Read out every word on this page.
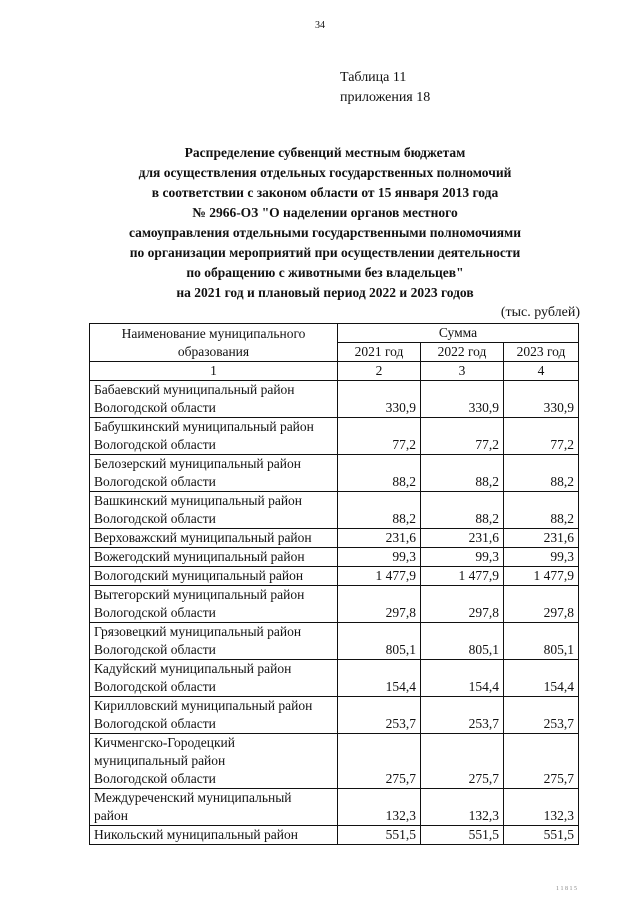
34
Таблица 11
приложения 18
Распределение субвенций местным бюджетам
для осуществления отдельных государственных полномочий
в соответствии с законом области от 15 января 2013 года
№ 2966-ОЗ "О наделении органов местного
самоуправления отдельными государственными полномочиями
по организации мероприятий при осуществлении деятельности
по обращению с животными без владельцев"
на 2021 год и плановый период 2022 и 2023 годов
(тыс. рублей)
Наименование муниципального
образования	Сумма		
	2021 год	2022 год	2023 год
1	2	3	4

Бабаевский муниципальный район
Вологодской области	330,9	330,9	330,9

Бабушкинский муниципальный район
Вологодской области	77,2	77,2	77,2

Белозерский муниципальный район
Вологодской области	88,2	88,2	88,2

Вашкинский муниципальный район
Вологодской области	88,2	88,2	88,2

Верховажский муниципальный район	231,6	231,6	231,6

Вожегодский муниципальный район	99,3	99,3	99,3

Вологодский муниципальный район	1 477,9	1 477,9	1 477,9

Вытегорский муниципальный район
Вологодской области	297,8	297,8	297,8

Грязовецкий муниципальный район
Вологодской области	805,1	805,1	805,1

Кадуйский муниципальный район
Вологодской области	154,4	154,4	154,4

Кирилловский муниципальный район
Вологодской области	253,7	253,7	253,7

Кичменгско-Городецкий
муниципальный район
Вологодской области	275,7	275,7	275,7

Междуреченский муниципальный
район	132,3	132,3	132,3

Никольский муниципальный район	551,5	551,5	551,5
1 1 8 1 5
